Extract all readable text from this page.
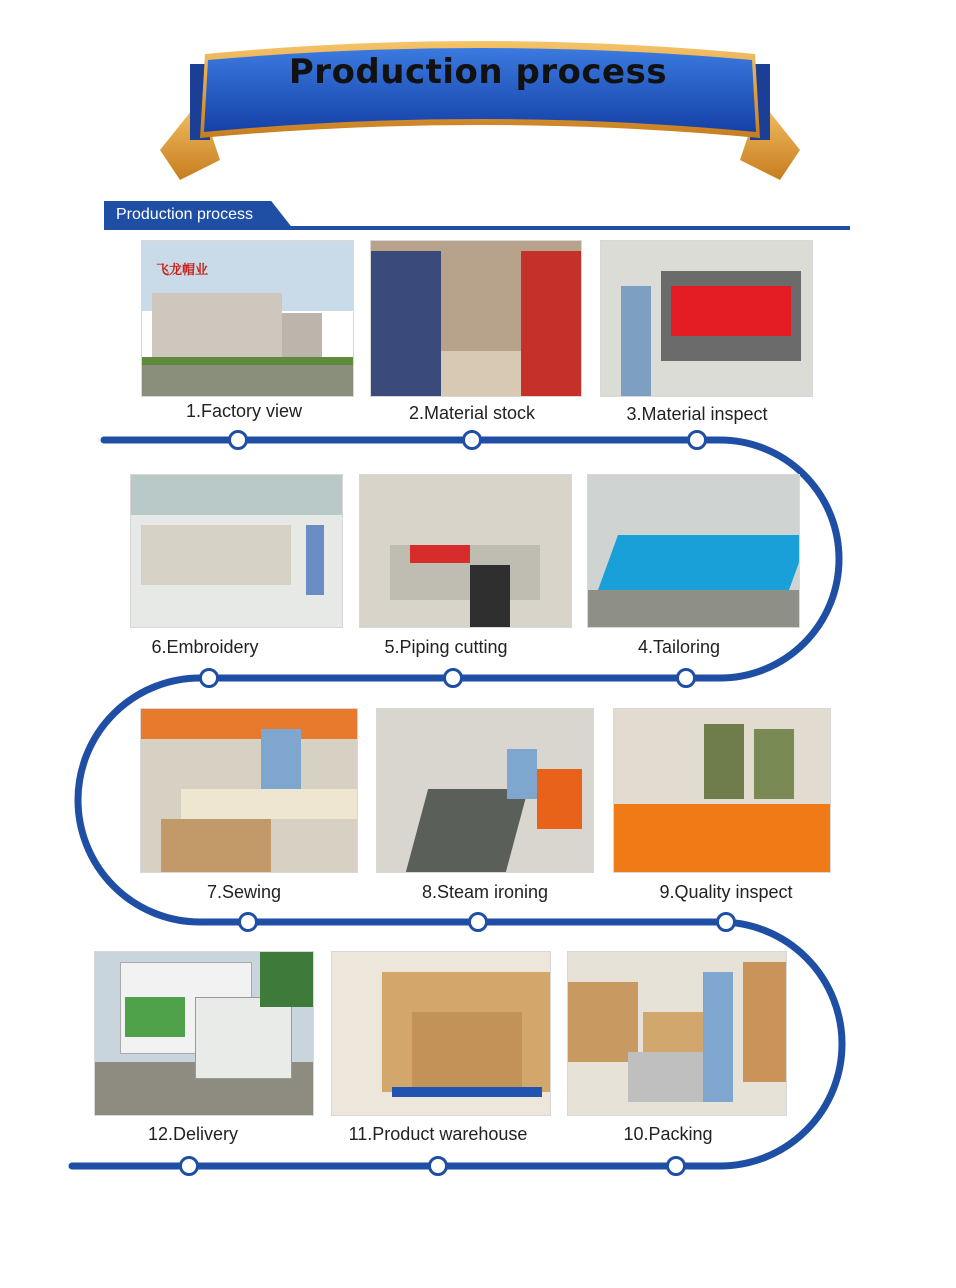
Production process
Production process
飞龙帽业
1.Factory view	2.Material stock	3.Material inspect
6.Embroidery	5.Piping cutting	4.Tailoring
7.Sewing	8.Steam ironing	9.Quality inspect
12.Delivery	11.Product warehouse	10.Packing
